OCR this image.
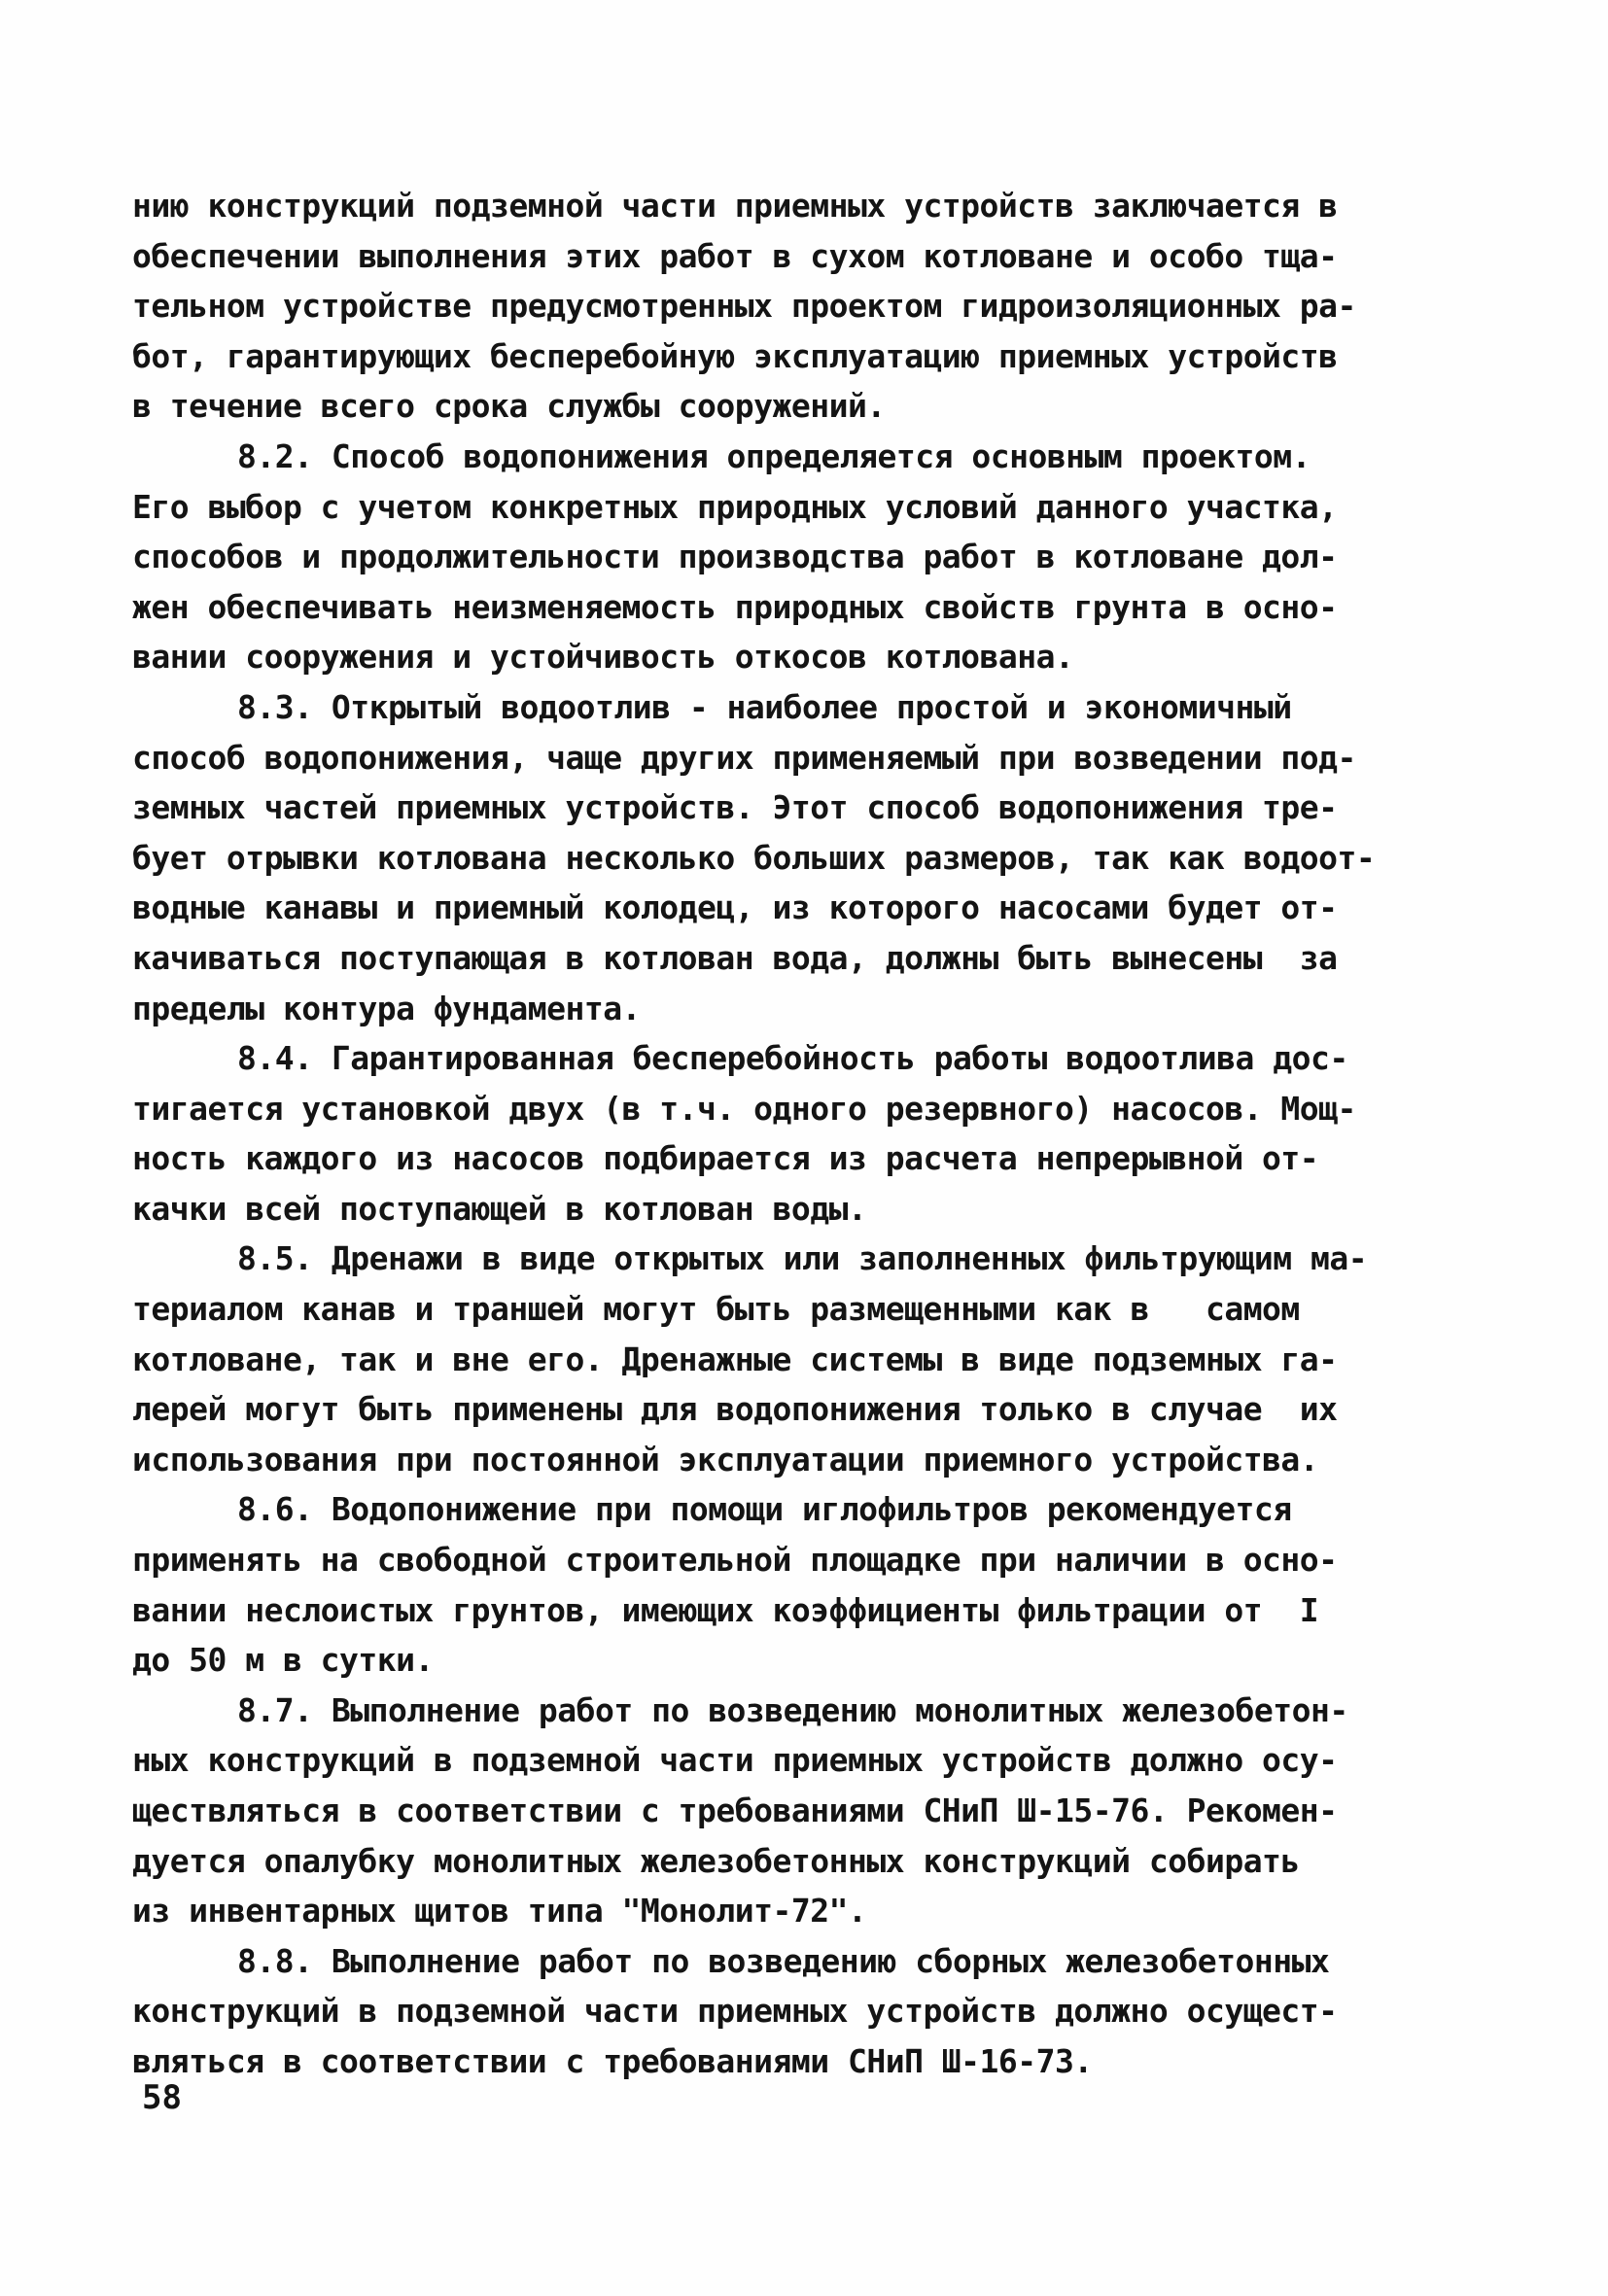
нию конструкций подземной части приемных устройств заключается в
обеспечении выполнения этих работ в сухом котловане и особо тща-
тельном устройстве предусмотренных проектом гидроизоляционных ра-
бот, гарантирующих бесперебойную эксплуатацию приемных устройств
в течение всего срока службы сооружений.
8.2. Способ водопонижения определяется основным проектом.
Его выбор с учетом конкретных природных условий данного участка,
способов и продолжительности производства работ в котловане дол-
жен обеспечивать неизменяемость природных свойств грунта в осно-
вании сооружения и устойчивость откосов котлована.
8.3. Открытый водоотлив - наиболее простой и экономичный
способ водопонижения, чаще других применяемый при возведении под-
земных частей приемных устройств. Этот способ водопонижения тре-
бует отрывки котлована несколько больших размеров, так как водоот-
водные канавы и приемный колодец, из которого насосами будет от-
качиваться поступающая в котлован вода, должны быть вынесены  за
пределы контура фундамента.
8.4. Гарантированная бесперебойность работы водоотлива дос-
тигается установкой двух (в т.ч. одного резервного) насосов. Мощ-
ность каждого из насосов подбирается из расчета непрерывной от-
качки всей поступающей в котлован воды.
8.5. Дренажи в виде открытых или заполненных фильтрующим ма-
териалом канав и траншей могут быть размещенными как в   самом
котловане, так и вне его. Дренажные системы в виде подземных га-
лерей могут быть применены для водопонижения только в случае  их
использования при постоянной эксплуатации приемного устройства.
8.6. Водопонижение при помощи иглофильтров рекомендуется
применять на свободной строительной площадке при наличии в осно-
вании неслоистых грунтов, имеющих коэффициенты фильтрации от  I
до 50 м в сутки.
8.7. Выполнение работ по возведению монолитных железобетон-
ных конструкций в подземной части приемных устройств должно осу-
ществляться в соответствии с требованиями СНиП Ш-15-76. Рекомен-
дуется опалубку монолитных железобетонных конструкций собирать
из инвентарных щитов типа "Монолит-72".
8.8. Выполнение работ по возведению сборных железобетонных
конструкций в подземной части приемных устройств должно осущест-
вляться в соответствии с требованиями СНиП Ш-16-73.
58
